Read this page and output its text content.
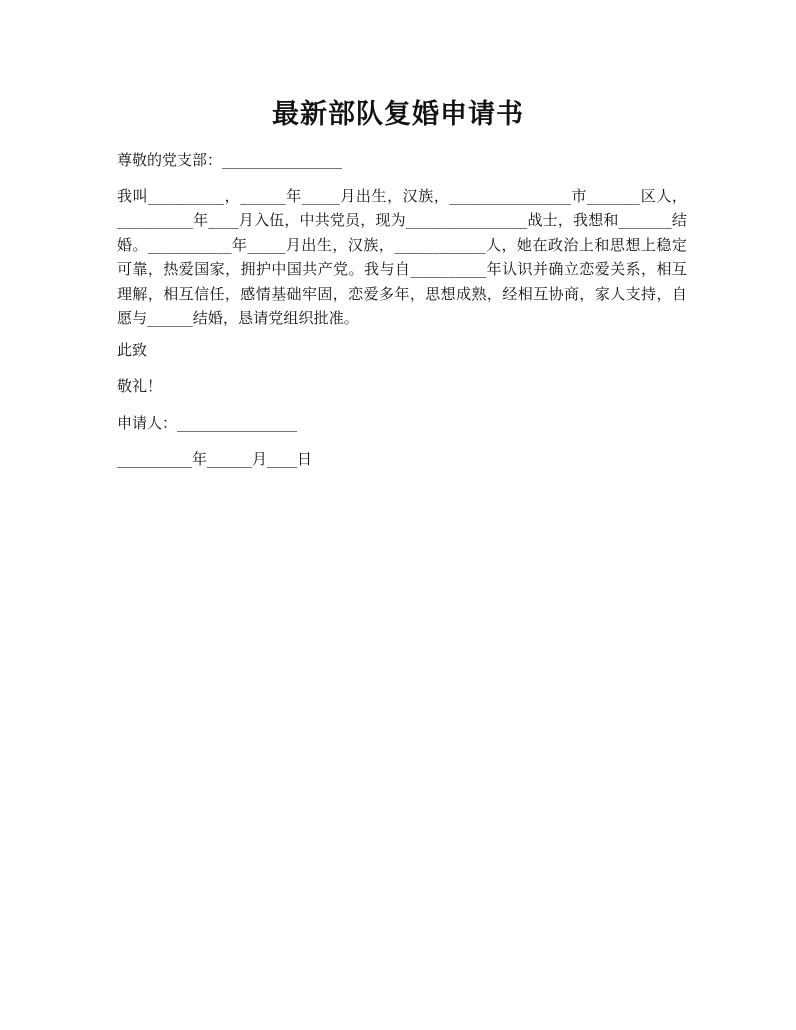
最新部队复婚申请书
尊敬的党支部：________________
我叫__________，______年_____月出生，汉族，________________市_______区人，__________年____月入伍，中共党员，现为________________战士，我想和_______结婚。___________年_____月出生，汉族，____________人，她在政治上和思想上稳定可靠，热爱国家，拥护中国共产党。我与自__________年认识并确立恋爱关系，相互理解，相互信任，感情基础牢固，恋爱多年，思想成熟，经相互协商，家人支持，自愿与______结婚，恳请党组织批准。
此致
敬礼！
申请人：________________
__________年______月____日
